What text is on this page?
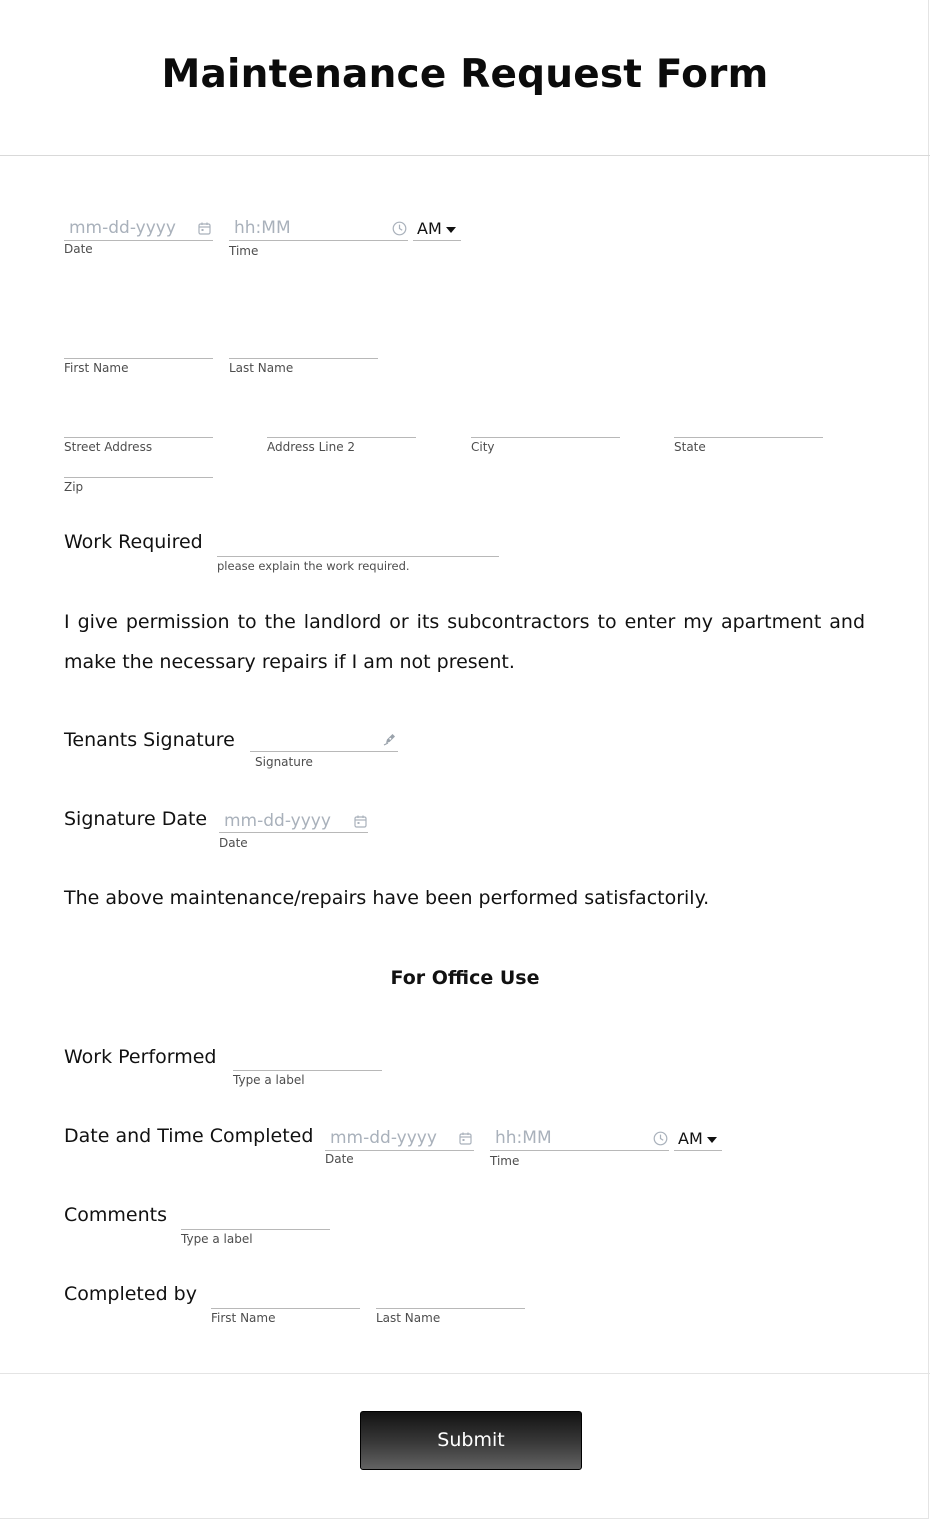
Maintenance Request Form
mm-dd-yyyy
Date
hh:MM
Time
AM
First Name	Last Name
Street Address	Address Line 2	City	State
Zip
Work Required
please explain the work required.
I give permission to the landlord or its subcontractors to enter my apartment and make the necessary repairs if I am not present.
Tenants Signature
Signature
Signature Date mm-dd-yyyy
Date
The above maintenance/repairs have been performed satisfactorily.
For Office Use
Work Performed
Type a label
Date and Time Completed mm-dd-yyyy
Date
hh:MM
Time
AM
Comments
Type a label
Completed by
First Name	Last Name
Submit
